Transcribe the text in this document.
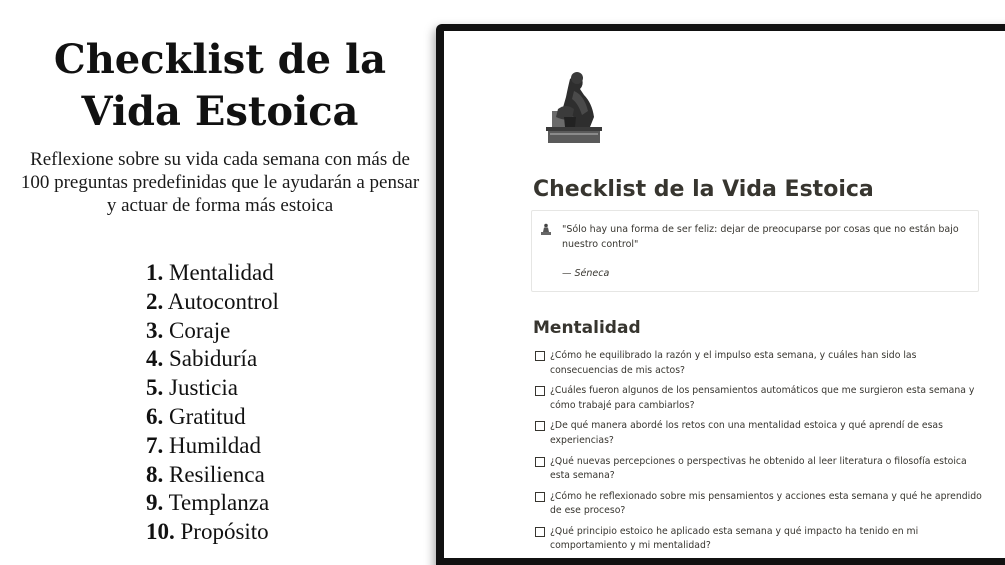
Checklist de la Vida Estoica

Reflexione sobre su vida cada semana con más de 100 preguntas predefinidas que le ayudarán a pensar y actuar de forma más estoica

1. Mentalidad
2. Autocontrol
3. Coraje
4. Sabiduría
5. Justicia
6. Gratitud
7. Humildad
8. Resilienca
9. Templanza
10. Propósito
Checklist de la Vida Estoica
"Sólo hay una forma de ser feliz: dejar de preocuparse por cosas que no están bajo nuestro control"
— Séneca
Mentalidad
¿Cómo he equilibrado la razón y el impulso esta semana, y cuáles han sido las consecuencias de mis actos?
¿Cuáles fueron algunos de los pensamientos automáticos que me surgieron esta semana y cómo trabajé para cambiarlos?
¿De qué manera abordé los retos con una mentalidad estoica y qué aprendí de esas experiencias?
¿Qué nuevas percepciones o perspectivas he obtenido al leer literatura o filosofía estoica esta semana?
¿Cómo he reflexionado sobre mis pensamientos y acciones esta semana y qué he aprendido de ese proceso?
¿Qué principio estoico he aplicado esta semana y qué impacto ha tenido en mi comportamiento y mi mentalidad?
